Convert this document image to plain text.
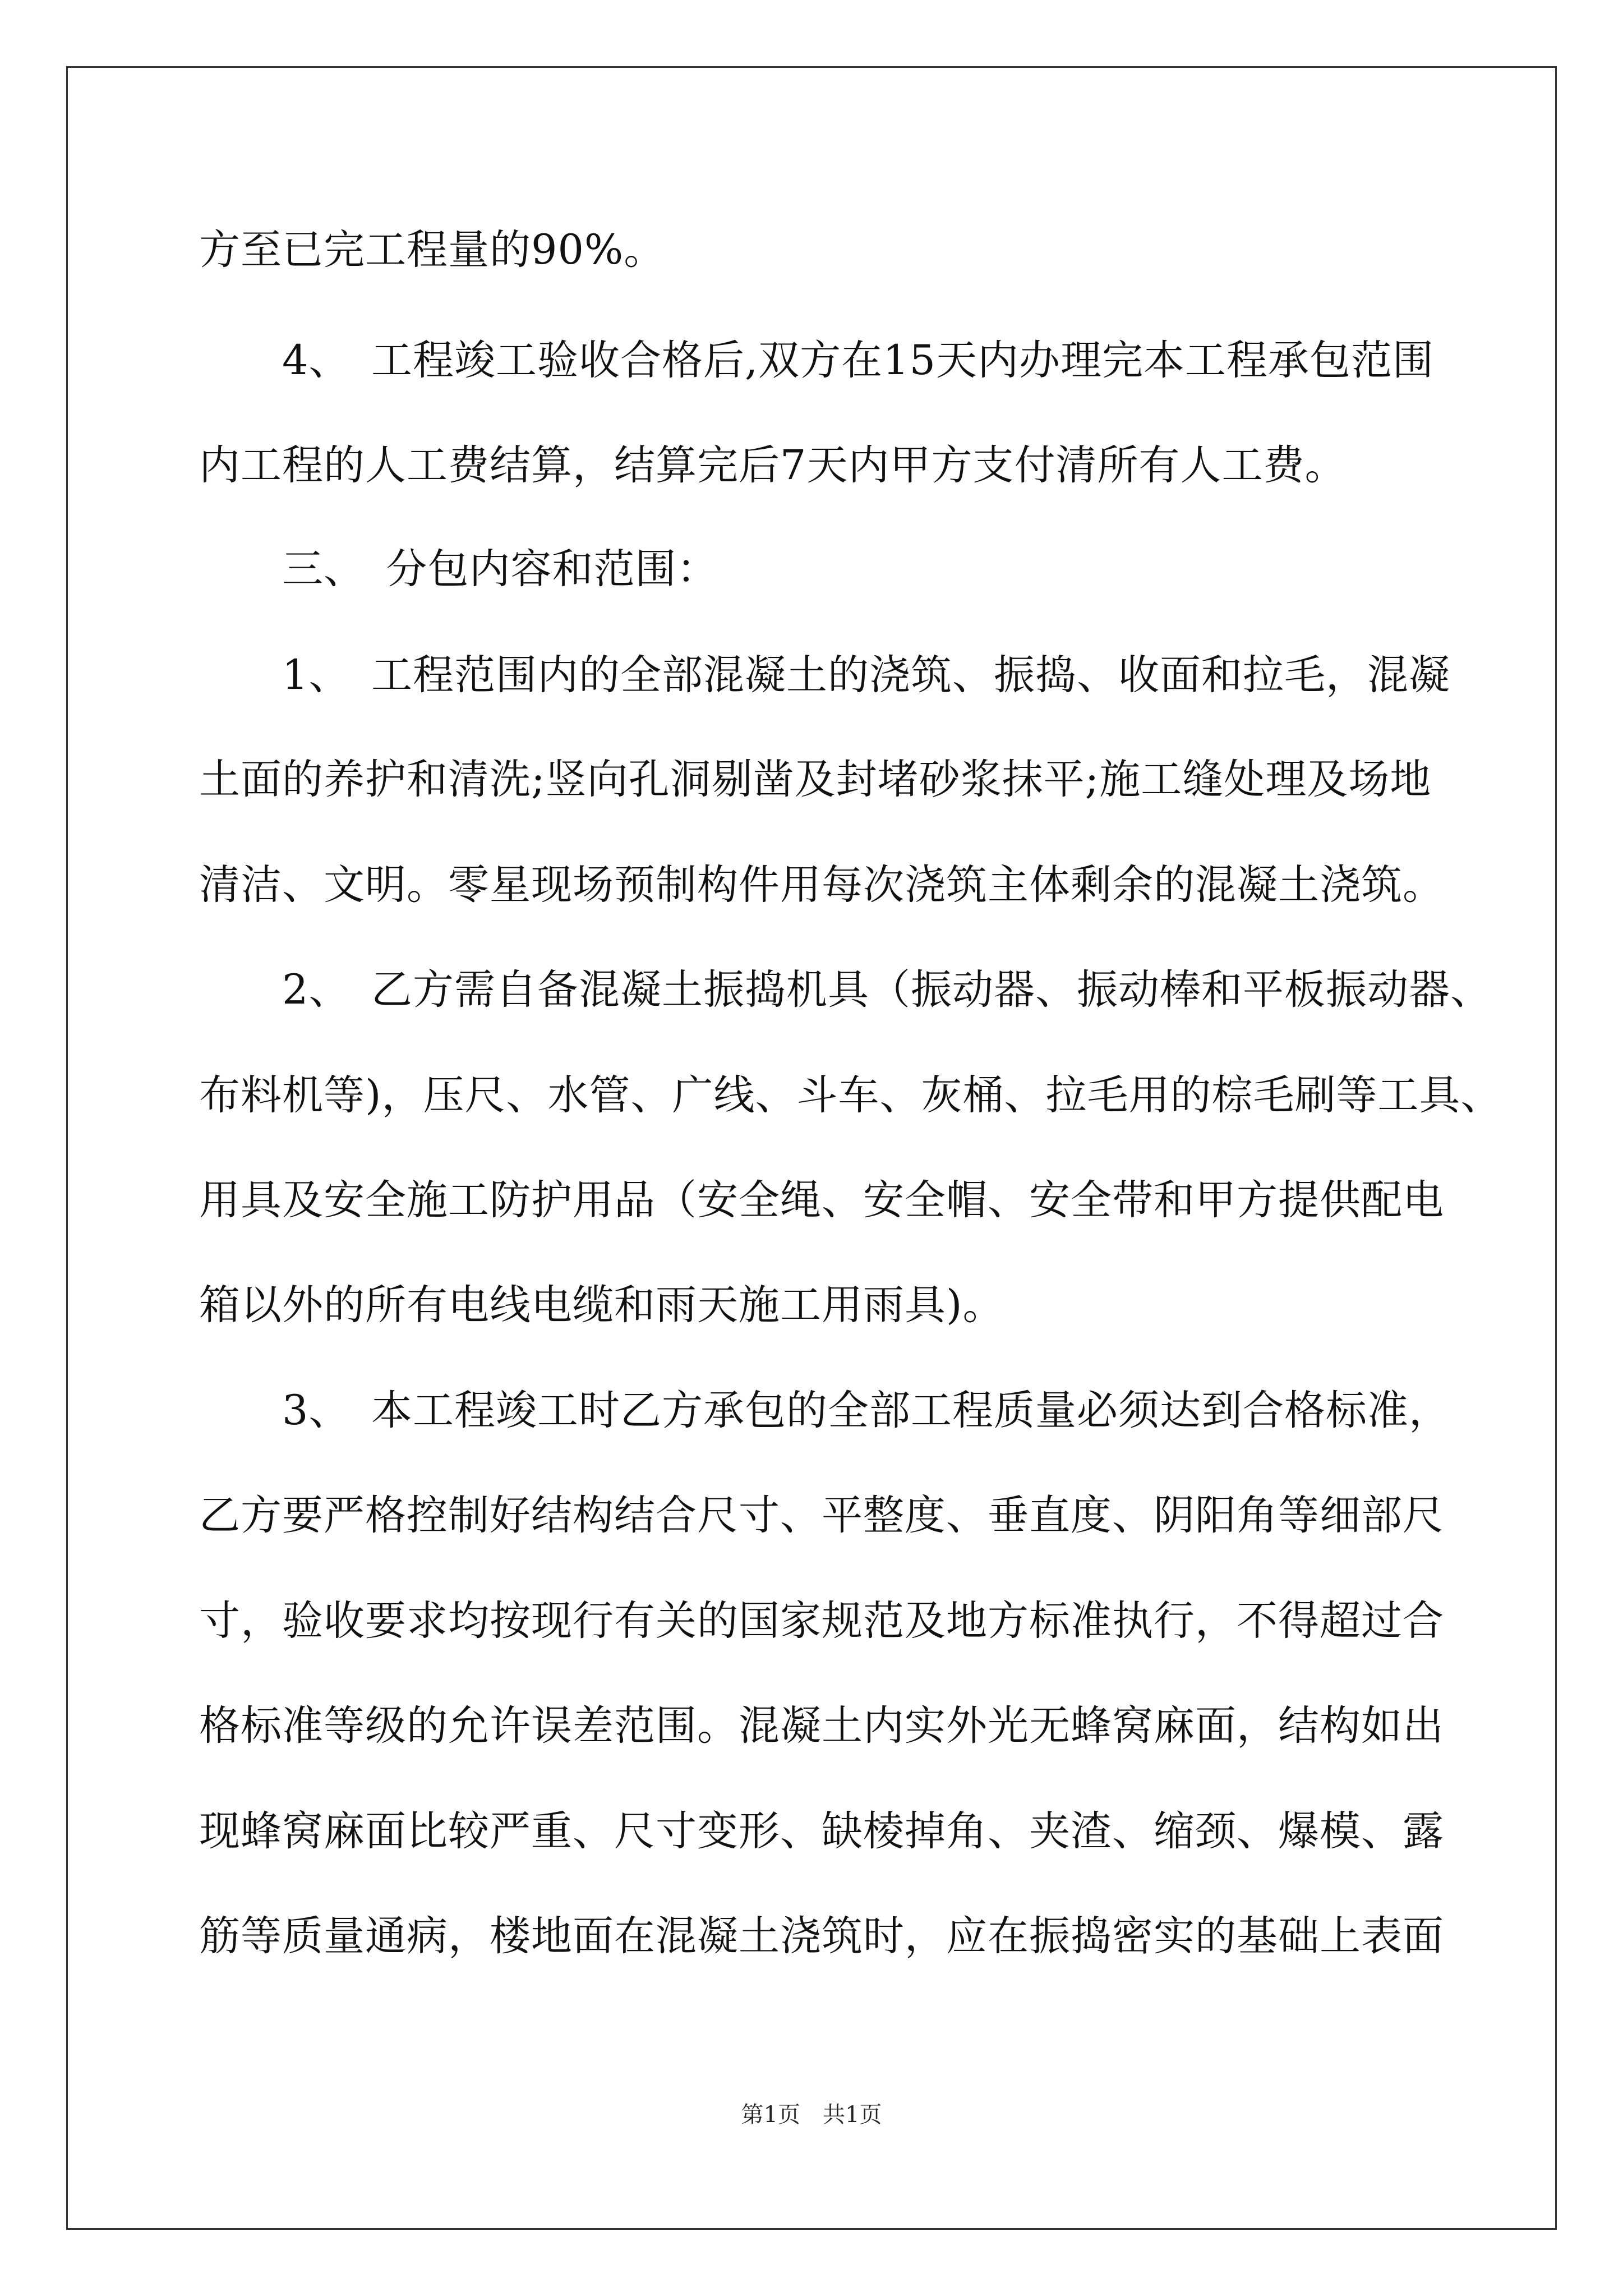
方至已完工程量的90%。
　　4、　工程竣工验收合格后,双方在15天内办理完本工程承包范围
内工程的人工费结算，结算完后7天内甲方支付清所有人工费。
　　三、　分包内容和范围：
　　1、　工程范围内的全部混凝土的浇筑、振捣、收面和拉毛，混凝
土面的养护和清洗;竖向孔洞剔凿及封堵砂浆抹平;施工缝处理及场地
清洁、文明。零星现场预制构件用每次浇筑主体剩余的混凝土浇筑。
　　2、　乙方需自备混凝土振捣机具（振动器、振动棒和平板振动器、
布料机等)，压尺、水管、广线、斗车、灰桶、拉毛用的棕毛刷等工具、
用具及安全施工防护用品（安全绳、安全帽、安全带和甲方提供配电
箱以外的所有电线电缆和雨天施工用雨具)。
　　3、　本工程竣工时乙方承包的全部工程质量必须达到合格标准，
乙方要严格控制好结构结合尺寸、平整度、垂直度、阴阳角等细部尺
寸，验收要求均按现行有关的国家规范及地方标准执行，不得超过合
格标准等级的允许误差范围。混凝土内实外光无蜂窝麻面，结构如出
现蜂窝麻面比较严重、尺寸变形、缺棱掉角、夹渣、缩颈、爆模、露
筋等质量通病，楼地面在混凝土浇筑时，应在振捣密实的基础上表面
第1页　共1页
